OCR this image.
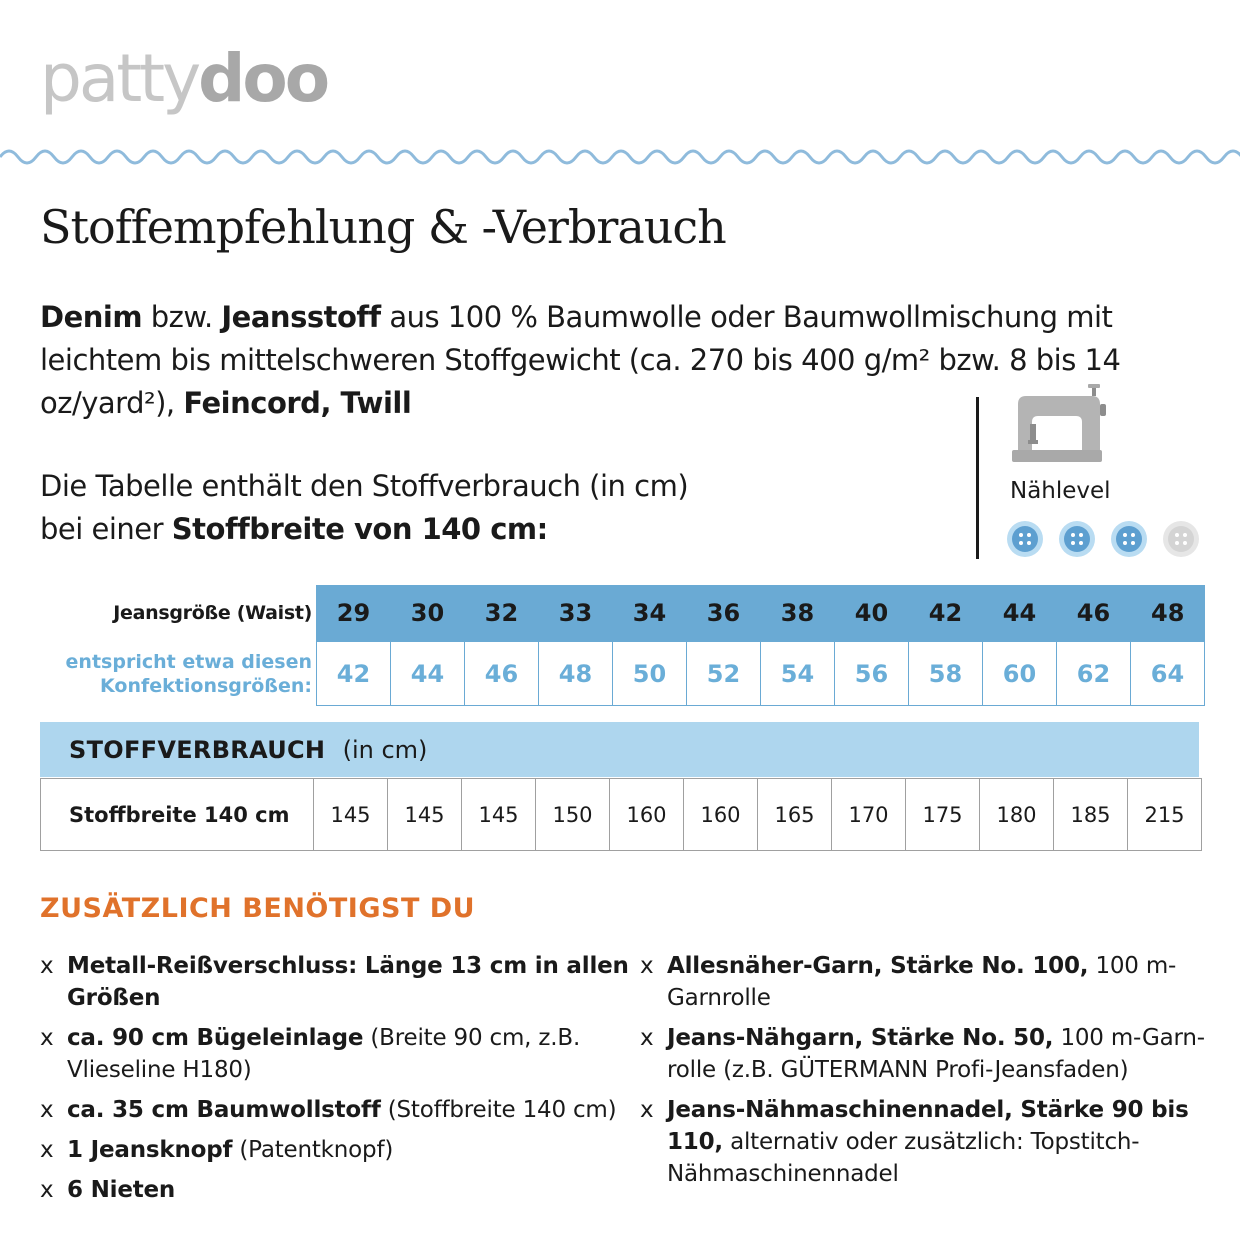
pattydoo
Stoffempfehlung & -Verbrauch
Denim bzw. Jeansstoff aus 100 % Baumwolle oder Baumwollmischung mit leichtem bis mittelschweren Stoffgewicht (ca. 270 bis 400 g/m² bzw. 8 bis 14 oz/yard²), Feincord, Twill
Die Tabelle enthält den Stoffverbrauch (in cm)
bei einer Stoffbreite von 140 cm:
Nählevel
Jeansgröße (Waist)	29	30	32	33	34	36	38	40	42	44	46	48

entspricht etwa diesen
Konfektionsgrößen:	42	44	46	48	50	52	54	56	58	60	62	64
STOFFVERBRAUCH (in cm)
Stoffbreite 140 cm	145	145	145	150	160	160	165	170	175	180	185	215
ZUSÄTZLICH BENÖTIGST DU
x Metall-Reißverschluss: Länge 13 cm in allen Größen
x ca. 90 cm Bügeleinlage (Breite 90 cm, z.B. Vlieseline H180)
x ca. 35 cm Baumwollstoff (Stoffbreite 140 cm)
x 1 Jeansknopf (Patentknopf)
x 6 Nieten
x Allesnäher-Garn, Stärke No. 100, 100 m-Garnrolle
x Jeans-Nähgarn, Stärke No. 50, 100 m-Garn-rolle (z.B. GÜTERMANN Profi-Jeansfaden)
x Jeans-Nähmaschinennadel, Stärke 90 bis 110, alternativ oder zusätzlich: Topstitch-Nähmaschinennadel
